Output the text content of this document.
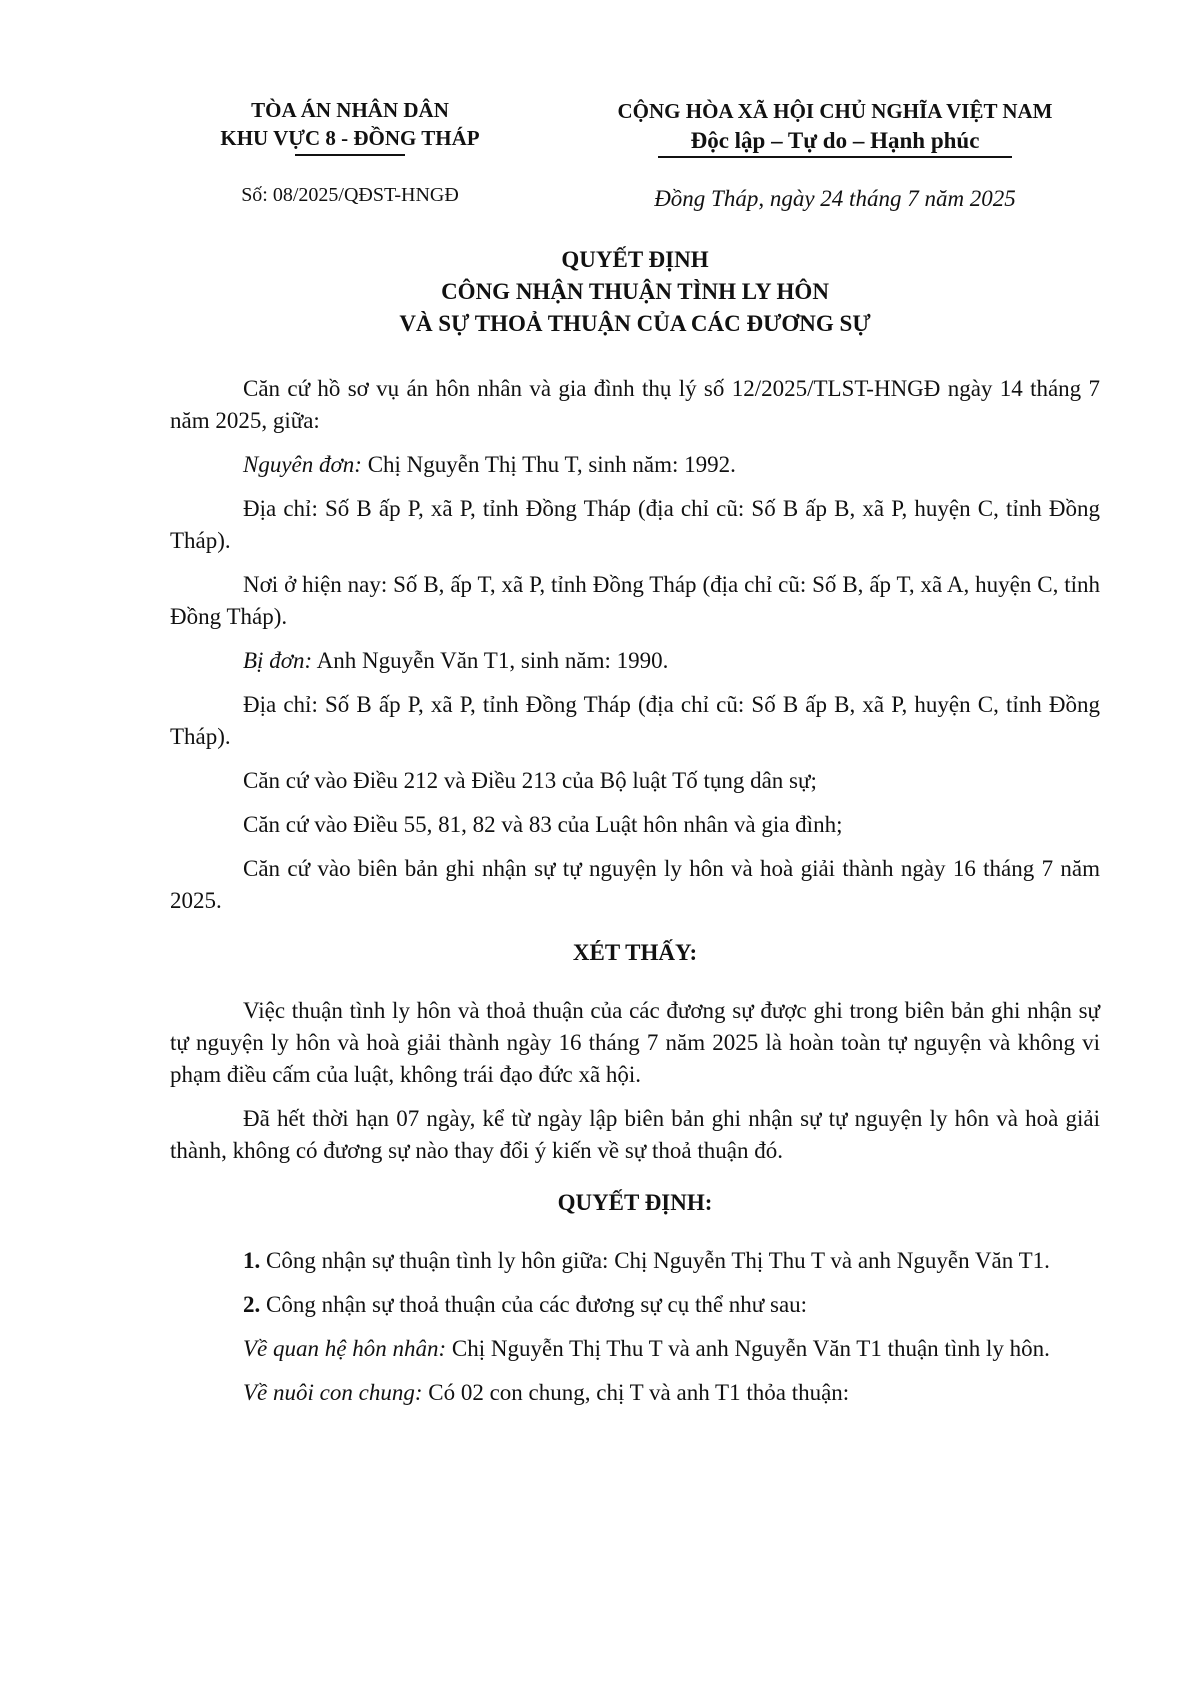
TÒA ÁN NHÂN DÂN
KHU VỰC 8 - ĐỒNG THÁP
CỘNG HÒA XÃ HỘI CHỦ NGHĨA VIỆT NAM
Độc lập – Tự do – Hạnh phúc
Số: 08/2025/QĐST-HNGĐ	Đồng Tháp, ngày 24 tháng 7 năm 2025
QUYẾT ĐỊNH
CÔNG NHẬN THUẬN TÌNH LY HÔN
VÀ SỰ THOẢ THUẬN CỦA CÁC ĐƯƠNG SỰ

Căn cứ hồ sơ vụ án hôn nhân và gia đình thụ lý số 12/2025/TLST-HNGĐ ngày 14 tháng 7 năm 2025, giữa:

Nguyên đơn: Chị Nguyễn Thị Thu T, sinh năm: 1992.

Địa chỉ: Số B ấp P, xã P, tỉnh Đồng Tháp (địa chỉ cũ: Số B ấp B, xã P, huyện C, tỉnh Đồng Tháp).

Nơi ở hiện nay: Số B, ấp T, xã P, tỉnh Đồng Tháp (địa chỉ cũ: Số B, ấp T, xã A, huyện C, tỉnh Đồng Tháp).

Bị đơn: Anh Nguyễn Văn T1, sinh năm: 1990.

Địa chỉ: Số B ấp P, xã P, tỉnh Đồng Tháp (địa chỉ cũ: Số B ấp B, xã P, huyện C, tỉnh Đồng Tháp).

Căn cứ vào Điều 212 và Điều 213 của Bộ luật Tố tụng dân sự;

Căn cứ vào Điều 55, 81, 82 và 83 của Luật hôn nhân và gia đình;

Căn cứ vào biên bản ghi nhận sự tự nguyện ly hôn và hoà giải thành ngày 16 tháng 7 năm 2025.

XÉT THẤY:

Việc thuận tình ly hôn và thoả thuận của các đương sự được ghi trong biên bản ghi nhận sự tự nguyện ly hôn và hoà giải thành ngày 16 tháng 7 năm 2025 là hoàn toàn tự nguyện và không vi phạm điều cấm của luật, không trái đạo đức xã hội.

Đã hết thời hạn 07 ngày, kể từ ngày lập biên bản ghi nhận sự tự nguyện ly hôn và hoà giải thành, không có đương sự nào thay đổi ý kiến về sự thoả thuận đó.

QUYẾT ĐỊNH:

1. Công nhận sự thuận tình ly hôn giữa: Chị Nguyễn Thị Thu T và anh Nguyễn Văn T1.

2. Công nhận sự thoả thuận của các đương sự cụ thể như sau:

Về quan hệ hôn nhân: Chị Nguyễn Thị Thu T và anh Nguyễn Văn T1 thuận tình ly hôn.

Về nuôi con chung: Có 02 con chung, chị T và anh T1 thỏa thuận:
